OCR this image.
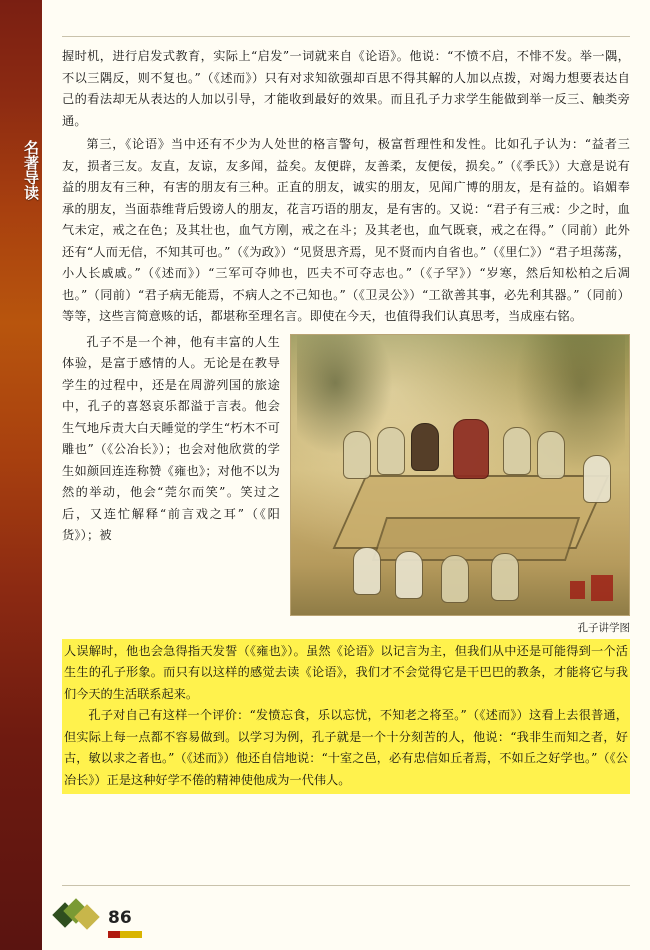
名著导读

握时机，进行启发式教育，实际上“启发”一词就来自《论语》。他说：“不愤不启，不悱不发。举一隅，不以三隅反，则不复也。”（《述而》）只有对求知欲强却百思不得其解的人加以点拨，对竭力想要表达自己的看法却无从表达的人加以引导，才能收到最好的效果。而且孔子力求学生能做到举一反三、触类旁通。

第三，《论语》当中还有不少为人处世的格言警句，极富哲理性和发性。比如孔子认为：“益者三友，损者三友。友直，友谅，友多闻，益矣。友便辟，友善柔，友便佞，损矣。”（《季氏》）大意是说有益的朋友有三种，有害的朋友有三种。正直的朋友，诚实的朋友，见闻广博的朋友，是有益的。谄媚奉承的朋友，当面恭维背后毁谤人的朋友，花言巧语的朋友，是有害的。又说：“君子有三戒：少之时，血气未定，戒之在色；及其壮也，血气方刚，戒之在斗；及其老也，血气既衰，戒之在得。”（同前）此外还有“人而无信，不知其可也。”（《为政》）“见贤思齐焉，见不贤而内自省也。”（《里仁》）“君子坦荡荡，小人长戚戚。”（《述而》）“三军可夺帅也，匹夫不可夺志也。”（《子罕》）“岁寒，然后知松柏之后凋也。”（同前）“君子病无能焉，不病人之不己知也。”（《卫灵公》）“工欲善其事，必先利其器。”（同前）等等，这些言简意赅的话，都堪称至理名言。即使在今天，也值得我们认真思考，当成座右铭。

孔子讲学图

孔子不是一个神，他有丰富的人生体验，是富于感情的人。无论是在教导学生的过程中，还是在周游列国的旅途中，孔子的喜怒哀乐都溢于言表。他会生气地斥责大白天睡觉的学生“朽木不可雕也”（《公冶长》）；也会对他欣赏的学生如颜回连连称赞《雍也》；对他不以为然的举动，他会“莞尔而笑”。笑过之后，又连忙解释“前言戏之耳”（《阳货》）；被

人误解时，他也会急得指天发誓（《雍也》）。虽然《论语》以记言为主，但我们从中还是可能得到一个活生生的孔子形象。而只有以这样的感觉去读《论语》，我们才不会觉得它是干巴巴的教条，才能将它与我们今天的生活联系起来。

孔子对自己有这样一个评价：“发愤忘食，乐以忘忧，不知老之将至。”（《述而》）这看上去很普通，但实际上每一点都不容易做到。以学习为例，孔子就是一个十分刻苦的人，他说：“我非生而知之者，好古，敏以求之者也。”（《述而》）他还自信地说：“十室之邑，必有忠信如丘者焉，不如丘之好学也。”（《公冶长》）正是这种好学不倦的精神使他成为一代伟人。

86
